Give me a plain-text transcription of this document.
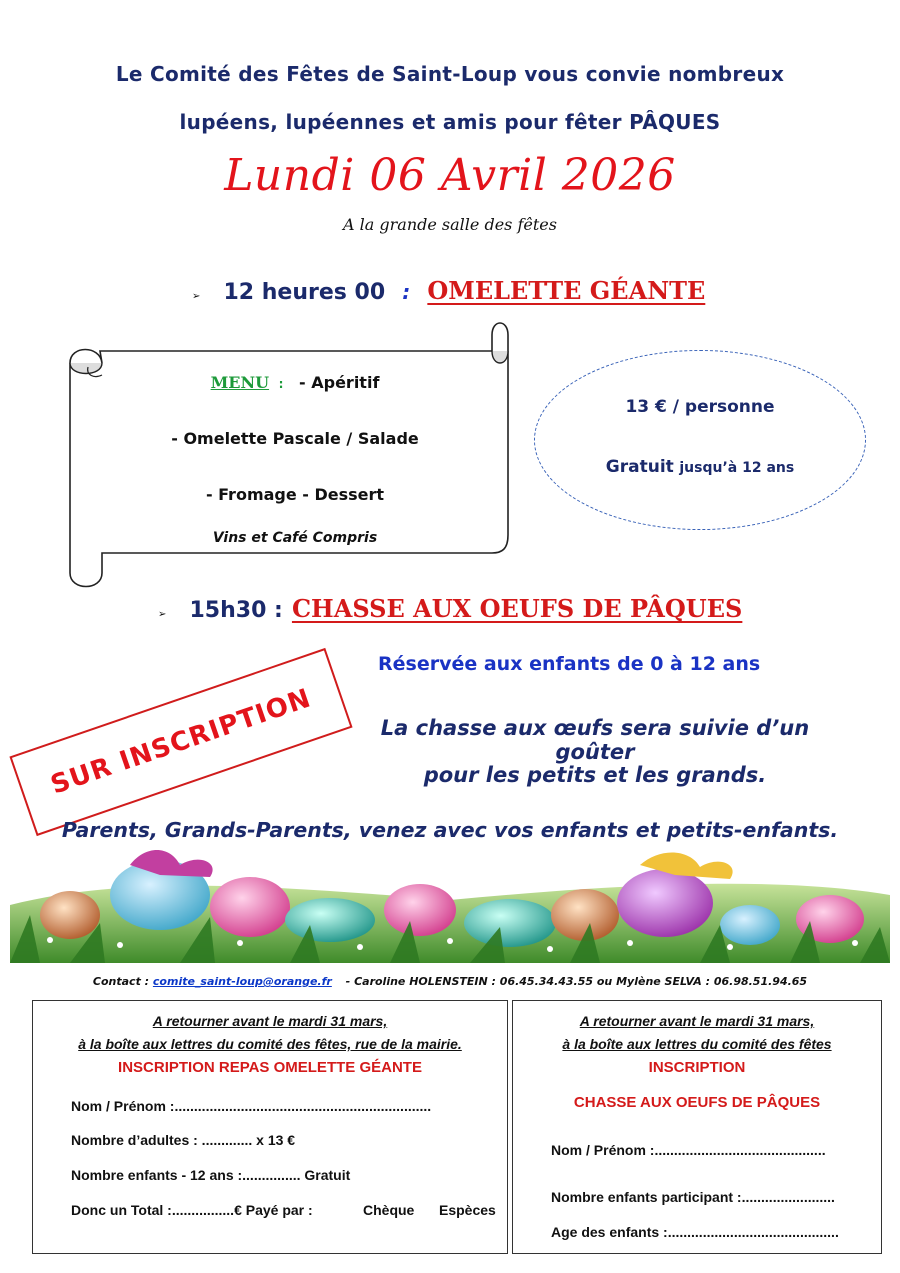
Le Comité des Fêtes de Saint-Loup vous convie nombreux
lupéens, lupéennes et amis pour fêter PÂQUES
Lundi 06 Avril 2026
A la grande salle des fêtes
➢ 12 heures 00 : OMELETTE GÉANTE
MENU : - Apéritif
- Omelette Pascale / Salade
- Fromage - Dessert
Vins et Café Compris
13 € / personne
Gratuit jusqu’à 12 ans
➢ 15h30 : CHASSE AUX OEUFS DE PÂQUES
Réservée aux enfants de 0 à 12 ans
SUR INSCRIPTION	La chasse aux œufs sera suivie d’un goûter
pour les petits et les grands.
Parents, Grands-Parents, venez avec vos enfants et petits-enfants.
Contact : comite_saint-loup@orange.fr - Caroline HOLENSTEIN : 06.45.34.43.55 ou Mylène SELVA : 06.98.51.94.65
A retourner avant le mardi 31 mars,
à la boîte aux lettres du comité des fêtes, rue de la mairie.
INSCRIPTION REPAS OMELETTE GÉANTE
Nom / Prénom :..................................................................
Nombre d’adultes : ............. x 13 €
Nombre enfants - 12 ans :............... Gratuit
Donc un Total :................€ Payé par :	Chèque Espèces
A retourner avant le mardi 31 mars,
à la boîte aux lettres du comité des fêtes
INSCRIPTION
CHASSE AUX OEUFS DE PÂQUES
Nom / Prénom :............................................
Nombre enfants participant :........................
Age des enfants :............................................
